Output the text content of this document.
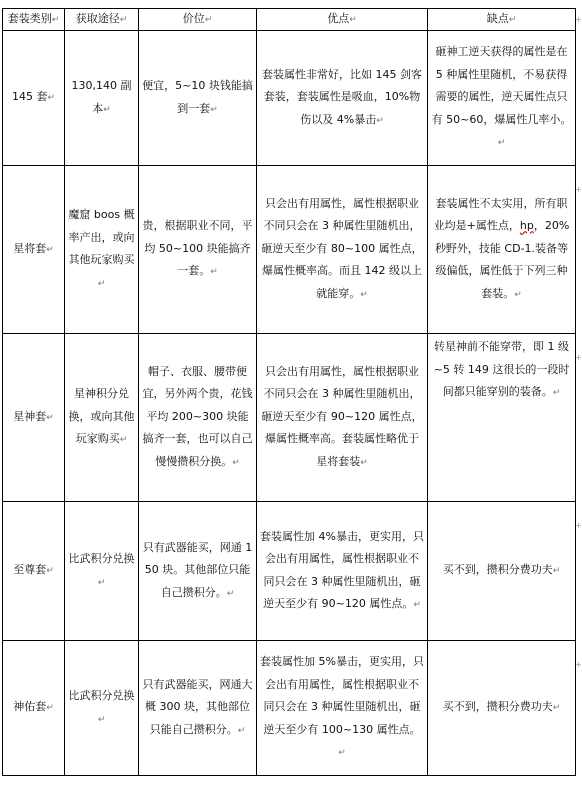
套装类别↵	获取途径↵	价位↵	优点↵	缺点↵
145 套↵	130,140 副本↵	便宜，5~10 块钱能搞到一套↵	套装属性非常好，比如 145 剑客套装，套装属性是吸血，10%物伤以及 4%暴击↵	砸神工逆天获得的属性是在 5 种属性里随机，不易获得需要的属性，逆天属性点只有 50~60，爆属性几率小。↵
星将套↵	魔窟 boos 概率产出，或向其他玩家购买↵	贵，根据职业不同，平均 50~100 块能搞齐一套。↵	只会出有用属性，属性根据职业不同只会在 3 种属性里随机出，砸逆天至少有 80~100 属性点，爆属性概率高。而且 142 级以上就能穿。↵	套装属性不太实用，所有职业均是+属性点，hp，20%秒野外，技能 CD-1.装备等级偏低，属性低于下列三种套装。↵
星神套↵	星神积分兑换，或向其他玩家购买↵	帽子、衣服、腰带便宜，另外两个贵，花钱平均 200~300 块能搞齐一套，也可以自己慢慢攒积分换。↵	只会出有用属性，属性根据职业不同只会在 3 种属性里随机出，砸逆天至少有 90~120 属性点，爆属性概率高。套装属性略优于星将套装↵	转星神前不能穿带，即 1 级~5 转 149 这很长的一段时间都只能穿别的装备。↵
至尊套↵	比武积分兑换↵	只有武器能买，网通 150 块。其他部位只能自己攒积分。↵	套装属性加 4%暴击，更实用，只会出有用属性，属性根据职业不同只会在 3 种属性里随机出，砸逆天至少有 90~120 属性点。↵	买不到，攒积分费功夫↵
神佑套↵	比武积分兑换↵	只有武器能买，网通大概 300 块，其他部位只能自己攒积分。↵	套装属性加 5%暴击，更实用，只会出有用属性，属性根据职业不同只会在 3 种属性里随机出，砸逆天至少有 100~130 属性点。↵	买不到，攒积分费功夫↵
+
+
+
+
+
